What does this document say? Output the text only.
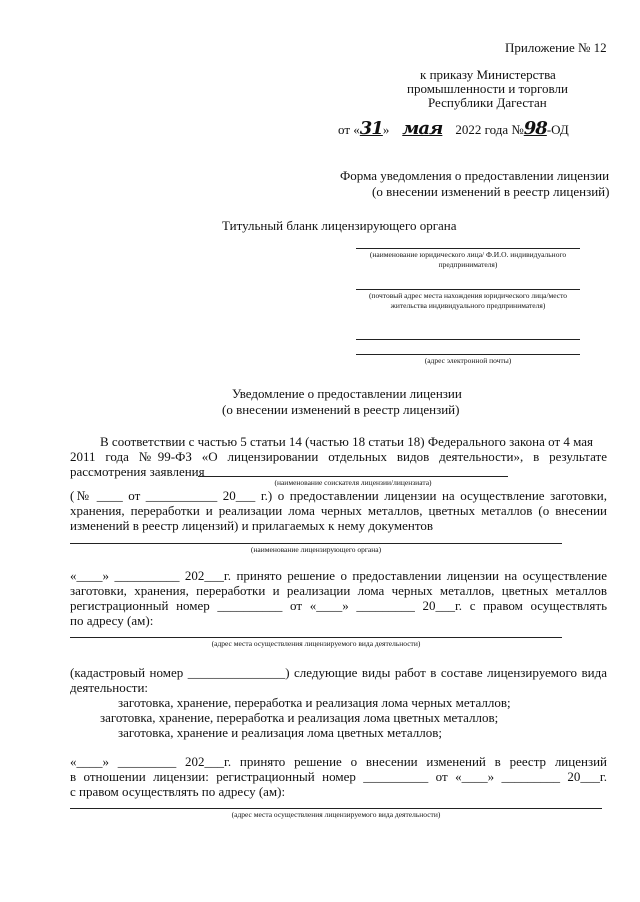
Приложение № 12
к приказу Министерства
промышленности и торговли
Республики Дагестан
от «31» мая 2022 года №98-ОД
Форма уведомления о предоставлении лицензии
(о внесении изменений в реестр лицензий)
Титульный бланк лицензирующего органа
(наименование юридического лица/ Ф.И.О. индивидуального предпринимателя)
(почтовый адрес места нахождения юридического лица/место жительства индивидуального предпринимателя)
(адрес электронной почты)
Уведомление о предоставлении лицензии
(о внесении изменений в реестр лицензий)
В соответствии с частью 5 статьи 14 (частью 18 статьи 18) Федерального закона от 4 мая
2011 года №99-ФЗ «О лицензировании отдельных видов деятельности», в результате
рассмотрения заявления
(наименование соискателя лицензии/лицензиата)
(№ ____ от ___________ 20___ г.) о предоставлении лицензии на осуществление заготовки,
хранения, переработки и реализации лома черных металлов, цветных металлов (о внесении
изменений в реестр лицензий) и прилагаемых к нему документов
(наименование лицензирующего органа)
«____» __________ 202___г. принято решение о предоставлении лицензии на осуществление
заготовки, хранения, переработки и реализации лома черных металлов, цветных металлов
регистрационный номер __________ от «____» _________ 20___г. с правом осуществлять
по адресу (ам):
(адрес места осуществления лицензируемого вида деятельности)
(кадастровый номер _______________) следующие виды работ в составе лицензируемого вида
деятельности:
заготовка, хранение, переработка и реализация лома черных металлов;
заготовка, хранение, переработка и реализация лома цветных металлов;
заготовка, хранение и реализация лома цветных металлов;
«____» _________ 202___г. принято решение о внесении изменений в реестр лицензий
в отношении лицензии: регистрационный номер __________ от «____» _________ 20___г.
с правом осуществлять по адресу (ам):
(адрес места осуществления лицензируемого вида деятельности)
